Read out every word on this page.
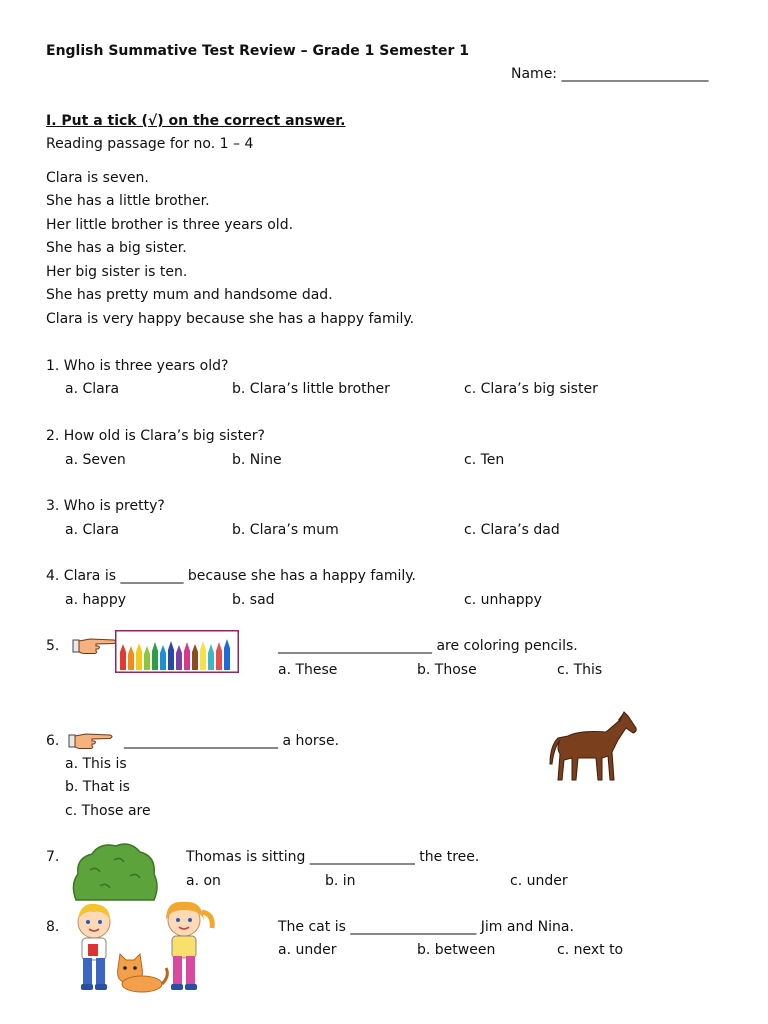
English Summative Test Review – Grade 1 Semester 1
Name: _____________________
I. Put a tick (√) on the correct answer.
Reading passage for no. 1 – 4
Clara is seven.
She has a little brother.
Her little brother is three years old.
She has a big sister.
Her big sister is ten.
She has pretty mum and handsome dad.
Clara is very happy because she has a happy family.
1. Who is three years old?
a. Clara	b. Clara’s little brother	c. Clara’s big sister
2. How old is Clara’s big sister?
a. Seven	b. Nine	c. Ten
3. Who is pretty?
a. Clara	b. Clara’s mum	c. Clara’s dad
4. Clara is _________ because she has a happy family.
a. happy	b. sad	c. unhappy
5.	______________________ are coloring pencils.
a. These	b. Those	c. This
6.	______________________ a horse.
a. This is
b. That is
c. Those are
7.	Thomas is sitting _______________ the tree.
a. on	b. in	c. under
8.	The cat is __________________ Jim and Nina.
a. under	b. between	c. next to
